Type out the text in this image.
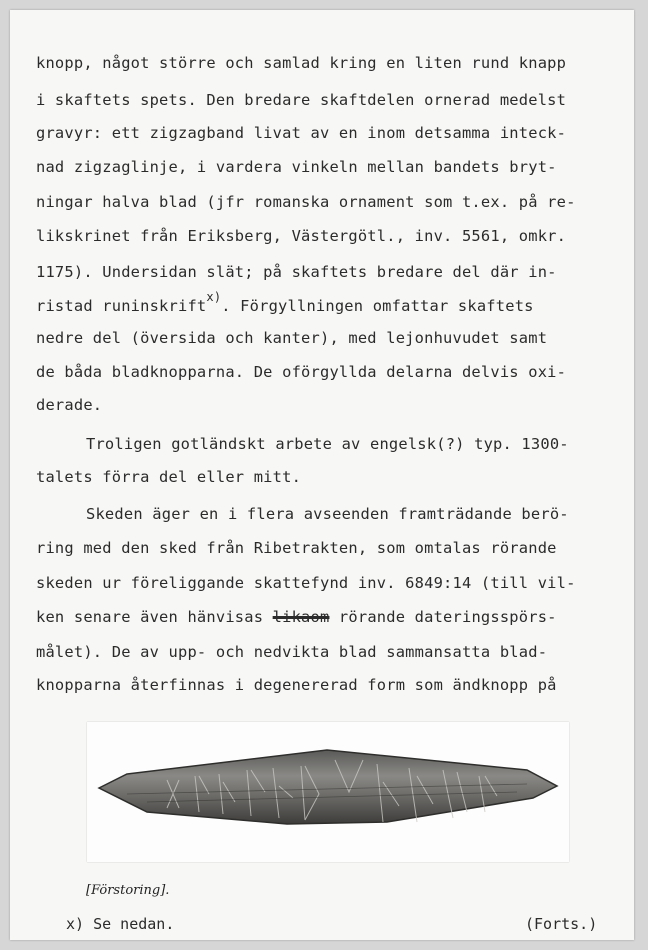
knopp, något större och samlad kring en liten rund knapp
i skaftets spets. Den bredare skaftdelen ornerad medelst
gravyr: ett zigzagband livat av en inom detsamma inteck-
nad zigzaglinje, i vardera vinkeln mellan bandets bryt-
ningar halva blad (jfr romanska ornament som t.ex. på re-
likskrinet från Eriksberg, Västergötl., inv. 5561, omkr.
1175). Undersidan slät; på skaftets bredare del där in-
ristad runinskrift$^{x)}$. Förgyllningen omfattar skaftets
nedre del (översida och kanter), med lejonhuvudet samt
de båda bladknopparna. De oförgyllda delarna delvis oxi-
derade.
Troligen gotländskt arbete av engelsk(?) typ. 1300-
talets förra del eller mitt.
Skeden äger en i flera avseenden framträdande berö-
ring med den sked från Ribetrakten, som omtalas rörande
skeden ur föreliggande skattefynd inv. 6849:14 (till vil-
ken senare även hänvisas likaom rörande dateringsspörs-
målet). De av upp- och nedvikta blad sammansatta blad-
knopparna återfinnas i degenererad form som ändknopp på
[Förstoring].
x) Se nedan.	(Forts.)
